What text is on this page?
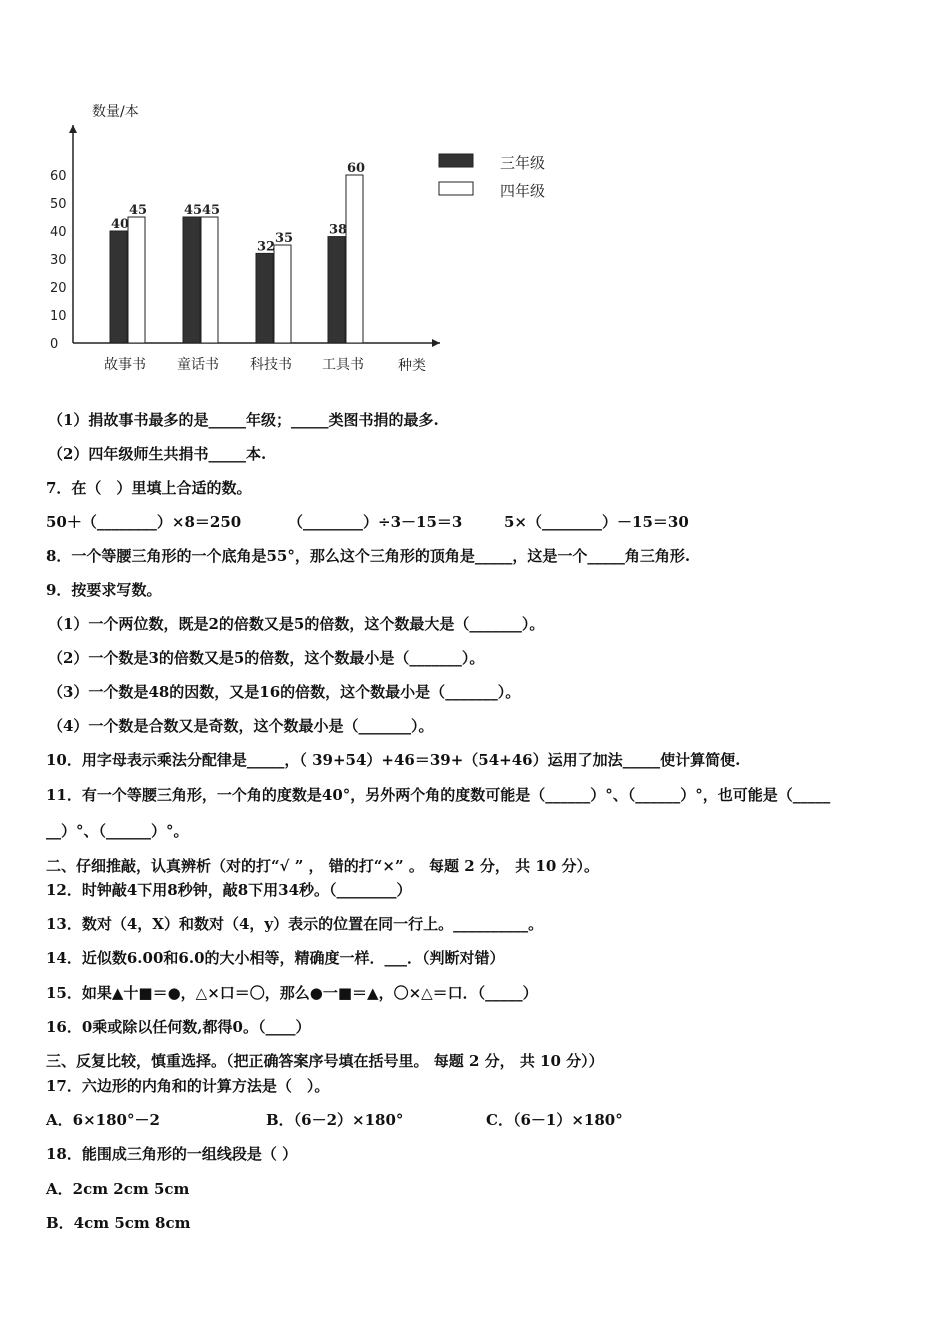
数量/本
种类
0
10
20
30
40
50
60
故事书
40
45
童话书
45 45
科技书
32
35
工具书
38
60	三年级
四年级
（1）捐故事书最多的是_____年级；_____类图书捐的最多.
（2）四年级师生共捐书_____本.
7．在（　）里填上合适的数。
50＋（________）×8＝250	（________）÷3－15＝3	5×（________）－15＝30
8．一个等腰三角形的一个底角是55°，那么这个三角形的顶角是_____，这是一个_____角三角形.
9．按要求写数。
（1）一个两位数，既是2的倍数又是5的倍数，这个数最大是（_______）。
（2）一个数是3的倍数又是5的倍数，这个数最小是（_______）。
（3）一个数是48的因数，又是16的倍数，这个数最小是（_______）。
（4）一个数是合数又是奇数，这个数最小是（_______）。
10．用字母表示乘法分配律是_____，（ 39+54）+46＝39+（54+46）运用了加法_____使计算简便.
11．有一个等腰三角形，一个角的度数是40°，另外两个角的度数可能是（______）°、（______）°，也可能是（_____
__）°、（______）°。
二、仔细推敲，认真辨析（对的打“√ ” ， 错的打“×” 。 每题 2 分， 共 10 分）。
12．时钟敲4下用8秒钟，敲8下用34秒。（________）
13．数对（4，X）和数对（4，y）表示的位置在同一行上。__________。
14．近似数6.00和6.0的大小相等，精确度一样．___．（判断对错）
15．如果▲十■＝●，△×口＝〇，那么●一■＝▲，〇×△＝口．（_____）
16．0乘或除以任何数,都得0。（____）
三、反复比较，慎重选择。（把正确答案序号填在括号里。 每题 2 分， 共 10 分））
17．六边形的内角和的计算方法是（　）。
A．6×180°－2	B．（6－2）×180°	C．（6－1）×180°
18．能围成三角形的一组线段是（ ）
A．2cm 2cm 5cm
B．4cm 5cm 8cm
